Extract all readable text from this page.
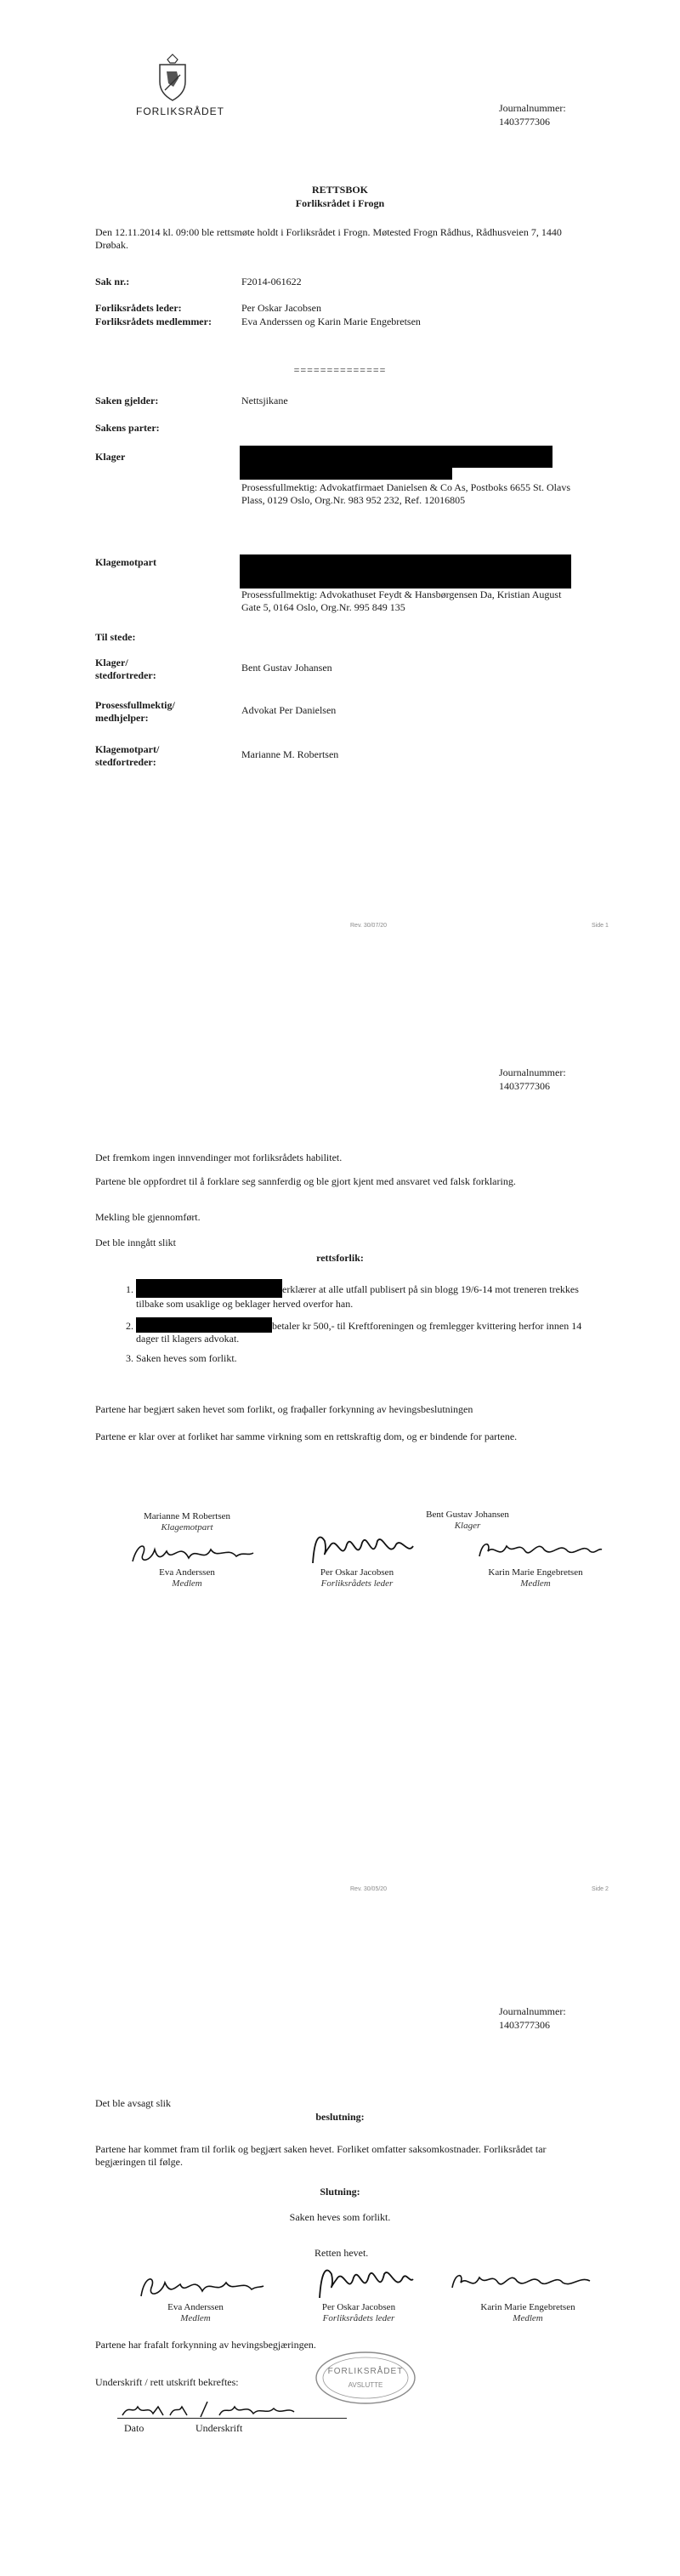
FORLIKSRÅDET	Journalnummer:
1403777306
RETTSBOK
Forliksrådet i Frogn
Den 12.11.2014 kl. 09:00 ble rettsmøte holdt i Forliksrådet i Frogn. Møtested Frogn Rådhus, Rådhusveien 7, 1440 Drøbak.
Sak nr.:	F2014-061622
Forliksrådets leder:	Per Oskar Jacobsen
Forliksrådets medlemmer:	Eva Anderssen og Karin Marie Engebretsen
==============
Saken gjelder:	Nettsjikane
Sakens parter:
Klager
Prosessfullmektig: Advokatfirmaet Danielsen & Co As, Postboks 6655 St. Olavs Plass, 0129 Oslo, Org.Nr. 983 952 232, Ref. 12016805
Klagemotpart
Prosessfullmektig: Advokathuset Feydt & Hansbørgensen Da, Kristian August Gate 5, 0164 Oslo, Org.Nr. 995 849 135
Til stede:
Klager/ stedfortreder:
Bent Gustav Johansen
Prosessfullmektig/ medhjelper:
Advokat Per Danielsen
Klagemotpart/ stedfortreder:
Marianne M. Robertsen
Rev. 30/07/20	Side 1
Journalnummer:
1403777306
Det fremkom ingen innvendinger mot forliksrådets habilitet.
Partene ble oppfordret til å forklare seg sannferdig og ble gjort kjent med ansvaret ved falsk forklaring.
Mekling ble gjennomført.
Det ble inngått slikt
rettsforlik:
1. erklærer at alle utfall publisert på sin blogg 19/6-14 mot treneren trekkes tilbake som usaklige og beklager herved overfor han.
2. betaler kr 500,- til Kreftforeningen og fremlegger kvittering herfor innen 14 dager til klagers advokat.
3. Saken heves som forlikt.
Partene har begjært saken hevet som forlikt, og fraфaller forkynning av hevingsbeslutningen
Partene er klar over at forliket har samme virkning som en rettskraftig dom, og er bindende for partene.
Marianne M Robertsen
Klagemotpart
Bent Gustav Johansen
Klager
Eva Anderssen
Medlem
Per Oskar Jacobsen
Forliksrådets leder
Karin Marie Engebretsen
Medlem
Rev. 30/05/20	Side 2
Journalnummer:
1403777306
Det ble avsagt slik
beslutning:
Partene har kommet fram til forlik og begjært saken hevet. Forliket omfatter saksomkostnader. Forliksrådet tar begjæringen til følge.
Slutning:
Saken heves som forlikt.
Retten hevet.
Eva Anderssen
Medlem
Per Oskar Jacobsen
Forliksrådets leder
Karin Marie Engebretsen
Medlem
Partene har frafalt forkynning av hevingsbegjæringen.
Underskrift / rett utskrift bekreftes:
FORLIKSRÅDET
AVSLUTTE
Dato	Underskrift
